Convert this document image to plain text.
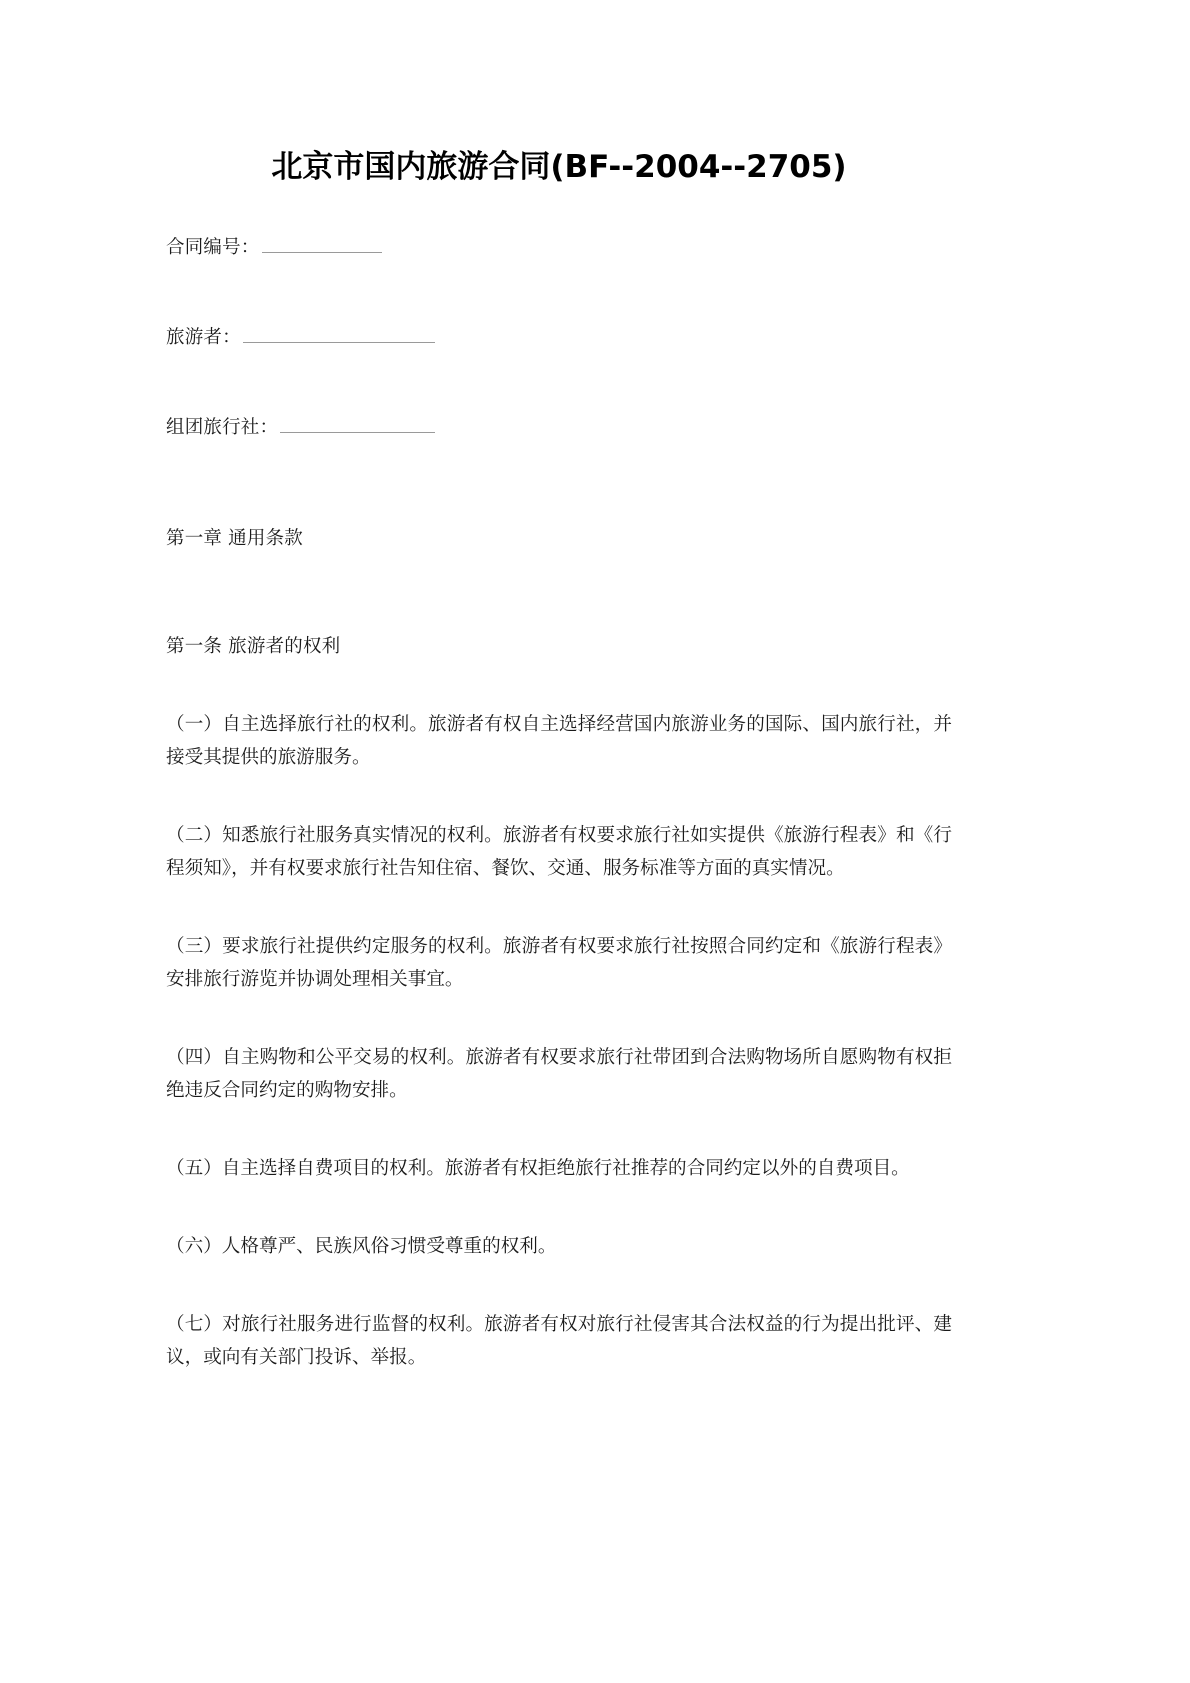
北京市国内旅游合同(BF--2004--2705)
合同编号：
旅游者：
组团旅行社：
第一章 通用条款
第一条 旅游者的权利

（一）自主选择旅行社的权利。旅游者有权自主选择经营国内旅游业务的国际、国内旅行社，并接受其提供的旅游服务。

（二）知悉旅行社服务真实情况的权利。旅游者有权要求旅行社如实提供《旅游行程表》和《行程须知》，并有权要求旅行社告知住宿、餐饮、交通、服务标准等方面的真实情况。

（三）要求旅行社提供约定服务的权利。旅游者有权要求旅行社按照合同约定和《旅游行程表》安排旅行游览并协调处理相关事宜。

（四）自主购物和公平交易的权利。旅游者有权要求旅行社带团到合法购物场所自愿购物有权拒绝违反合同约定的购物安排。

（五）自主选择自费项目的权利。旅游者有权拒绝旅行社推荐的合同约定以外的自费项目。

（六）人格尊严、民族风俗习惯受尊重的权利。

（七）对旅行社服务进行监督的权利。旅游者有权对旅行社侵害其合法权益的行为提出批评、建议，或向有关部门投诉、举报。
